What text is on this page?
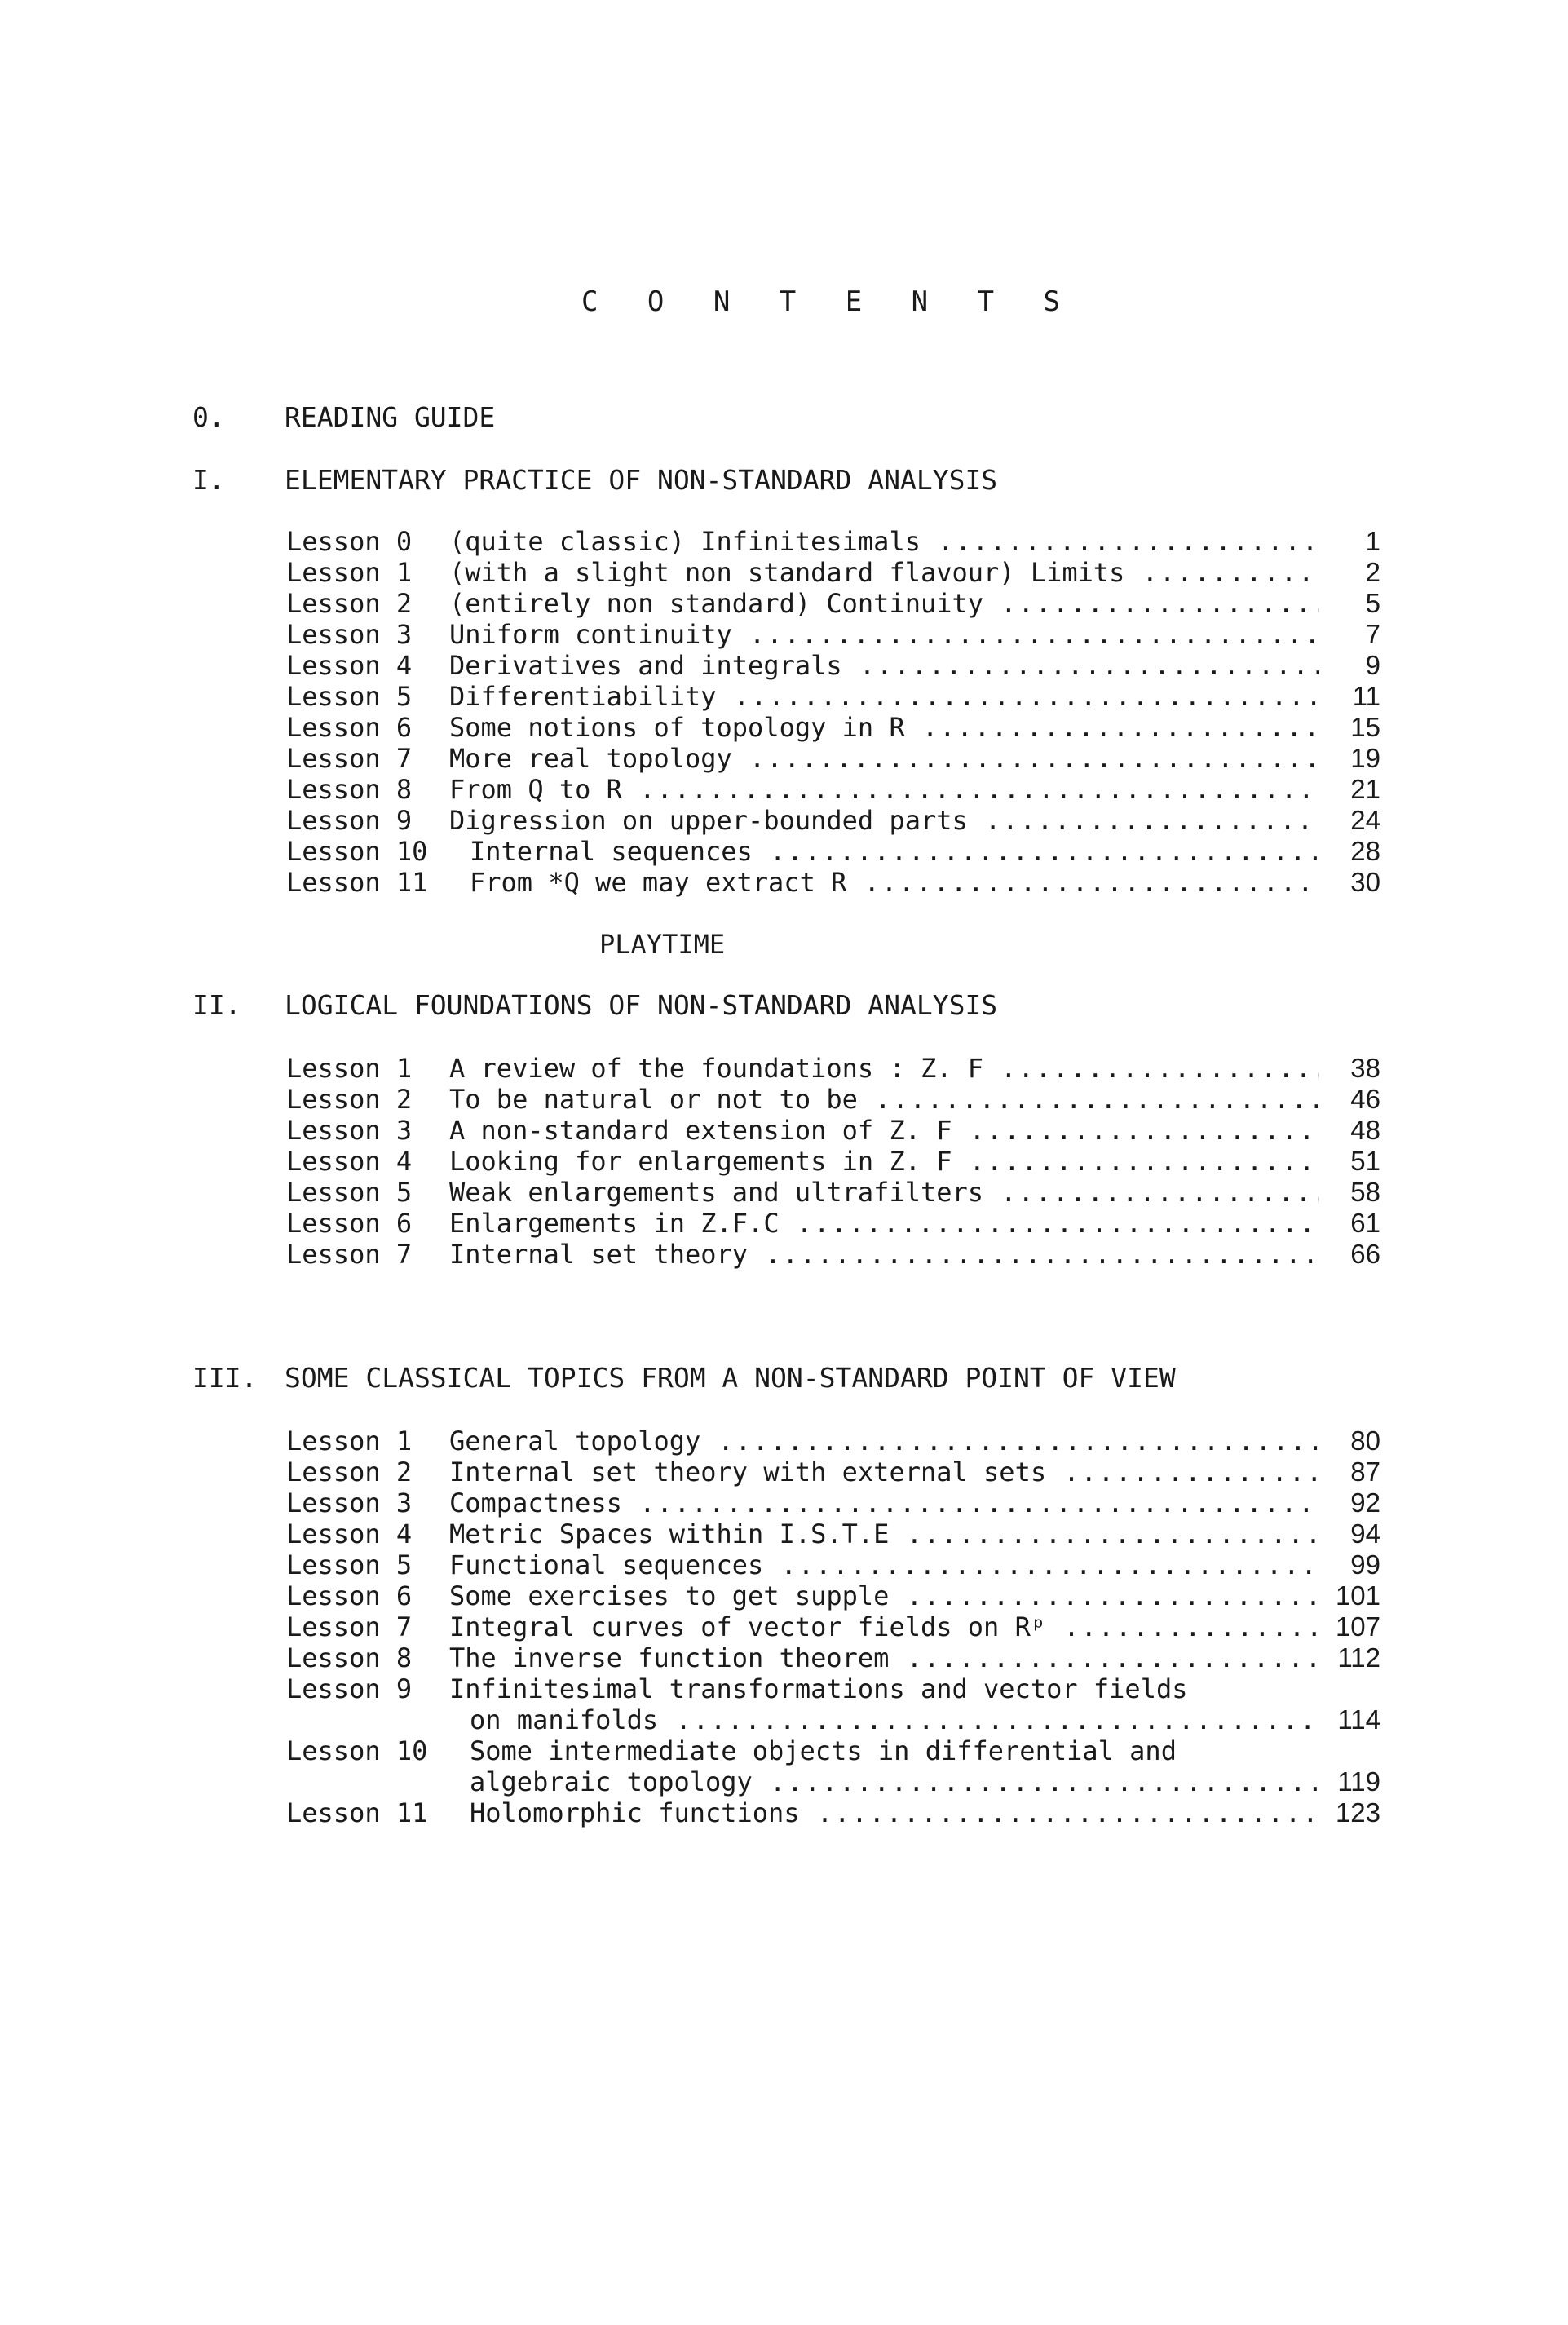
C O N T E N T S
0. READING GUIDE
I. ELEMENTARY PRACTICE OF NON-STANDARD ANALYSIS
Lesson 0 (quite classic) Infinitesimals .....	1
Lesson 1 (with a slight non standard flavour) Limits .....	2
Lesson 2 (entirely non standard) Continuity .....	5
Lesson 3 Uniform continuity .....	7
Lesson 4 Derivatives and integrals .....	9
Lesson 5 Differentiability .....	11
Lesson 6 Some notions of topology in R .....	15
Lesson 7 More real topology .....	19
Lesson 8 From Q to R .....	21
Lesson 9 Digression on upper-bounded parts .....	24
Lesson 10 Internal sequences .....	28
Lesson 11 From *Q we may extract R .....	30
PLAYTIME
II. LOGICAL FOUNDATIONS OF NON-STANDARD ANALYSIS
Lesson 1 A review of the foundations : Z. F .....	38
Lesson 2 To be natural or not to be .....	46
Lesson 3 A non-standard extension of Z. F .....	48
Lesson 4 Looking for enlargements in Z. F .....	51
Lesson 5 Weak enlargements and ultrafilters .....	58
Lesson 6 Enlargements in Z.F.C .....	61
Lesson 7 Internal set theory .....	66
III. SOME CLASSICAL TOPICS FROM A NON-STANDARD POINT OF VIEW
Lesson 1 General topology .....	80
Lesson 2 Internal set theory with external sets .....	87
Lesson 3 Compactness .....	92
Lesson 4 Metric Spaces within I.S.T.E .....	94
Lesson 5 Functional sequences .....	99
Lesson 6 Some exercises to get supple .....	101
Lesson 7 Integral curves of vector fields on Rᵖ .....	107
Lesson 8 The inverse function theorem .....	112
Lesson 9 Infinitesimal transformations and vector fields
on manifolds .....	114
Lesson 10 Some intermediate objects in differential and
algebraic topology .....	119
Lesson 11 Holomorphic functions .....	123
